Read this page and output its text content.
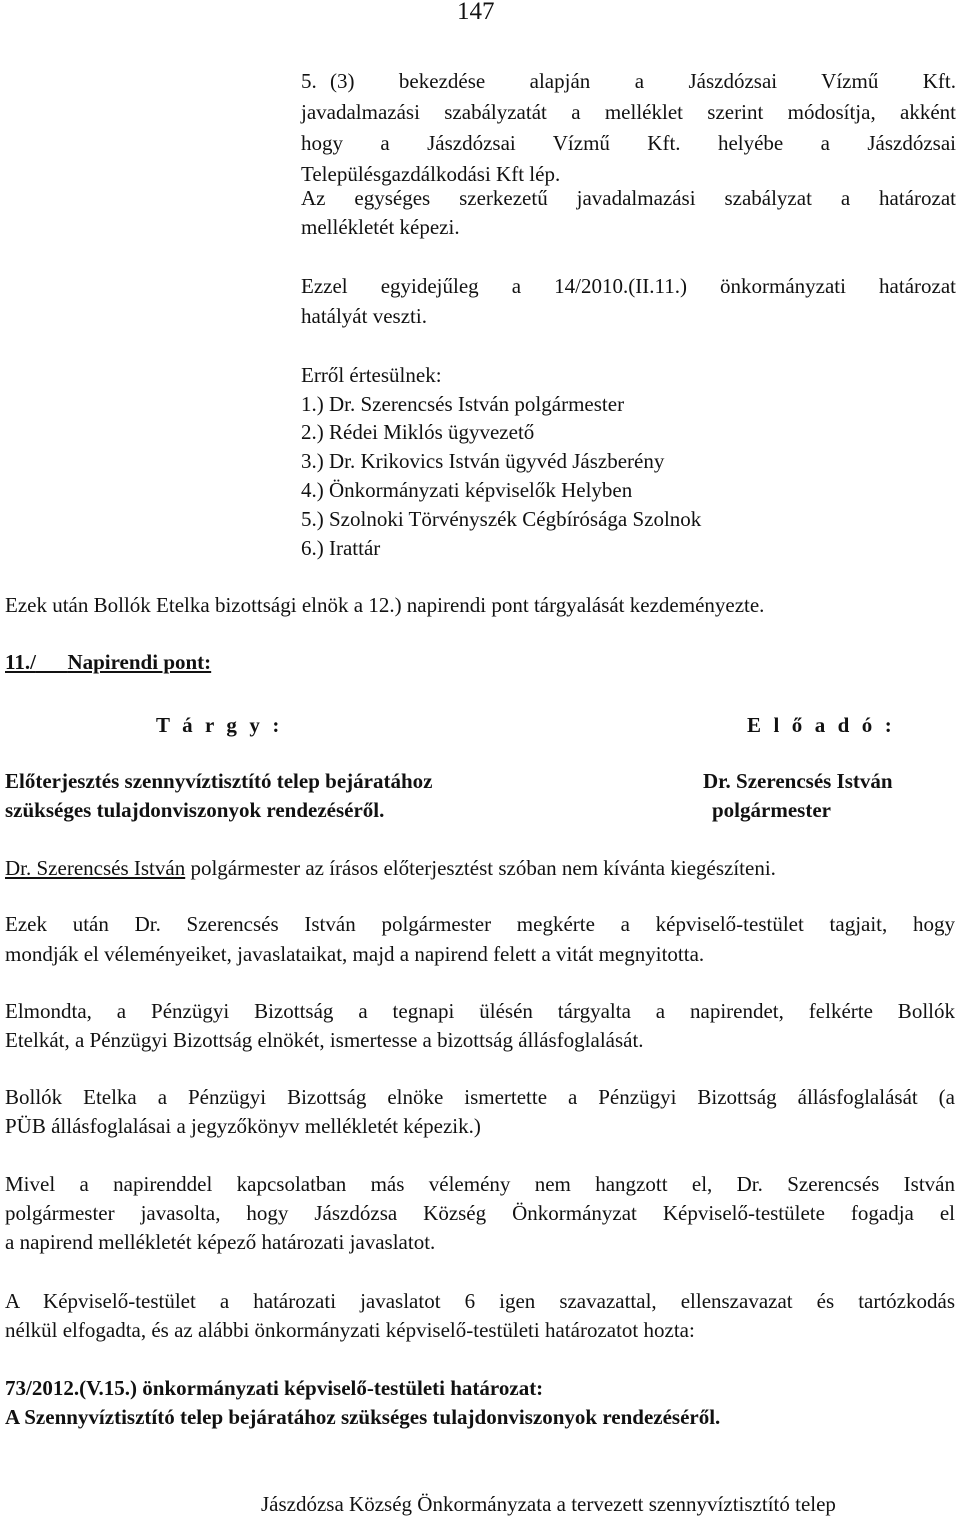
147
5. (3) bekezdése alapján a Jászdózsai Vízmű Kft.
javadalmazási szabályzatát a melléklet szerint módosítja, akként
hogy a Jászdózsai Vízmű Kft. helyébe a Jászdózsai
Településgazdálkodási Kft lép.
Az egységes szerkezetű javadalmazási szabályzat a határozat
mellékletét képezi.
Ezzel egyidejűleg a 14/2010.(II.11.) önkormányzati határozat
hatályát veszti.
Erről értesülnek:
1.) Dr. Szerencsés István polgármester
2.) Rédei Miklós ügyvezető
3.) Dr. Krikovics István ügyvéd Jászberény
4.) Önkormányzati képviselők Helyben
5.) Szolnoki Törvényszék Cégbírósága Szolnok
6.) Irattár
Ezek után Bollók Etelka bizottsági elnök a 12.) napirendi pont tárgyalását kezdeményezte.
11./ Napirendi pont:
T á r g y :	E l ő a d ó :
Előterjesztés szennyvíztisztító telep bejáratához
szükséges tulajdonviszonyok rendezéséről.
Dr. Szerencsés István
polgármester
Dr. Szerencsés István polgármester az írásos előterjesztést szóban nem kívánta kiegészíteni.
Ezek után Dr. Szerencsés István polgármester megkérte a képviselő-testület tagjait, hogy
mondják el véleményeiket, javaslataikat, majd a napirend felett a vitát megnyitotta.
Elmondta, a Pénzügyi Bizottság a tegnapi ülésén tárgyalta a napirendet, felkérte Bollók
Etelkát, a Pénzügyi Bizottság elnökét, ismertesse a bizottság állásfoglalását.
Bollók Etelka a Pénzügyi Bizottság elnöke ismertette a Pénzügyi Bizottság állásfoglalását (a
PÜB állásfoglalásai a jegyzőkönyv mellékletét képezik.)
Mivel a napirenddel kapcsolatban más vélemény nem hangzott el, Dr. Szerencsés István
polgármester javasolta, hogy Jászdózsa Község Önkormányzat Képviselő-testülete fogadja el
a napirend mellékletét képező határozati javaslatot.
A Képviselő-testület a határozati javaslatot 6 igen szavazattal, ellenszavazat és tartózkodás
nélkül elfogadta, és az alábbi önkormányzati képviselő-testületi határozatot hozta:
73/2012.(V.15.) önkormányzati képviselő-testületi határozat:
A Szennyvíztisztító telep bejáratához szükséges tulajdonviszonyok rendezéséről.
Jászdózsa Község Önkormányzata a tervezett szennyvíztisztító telep
